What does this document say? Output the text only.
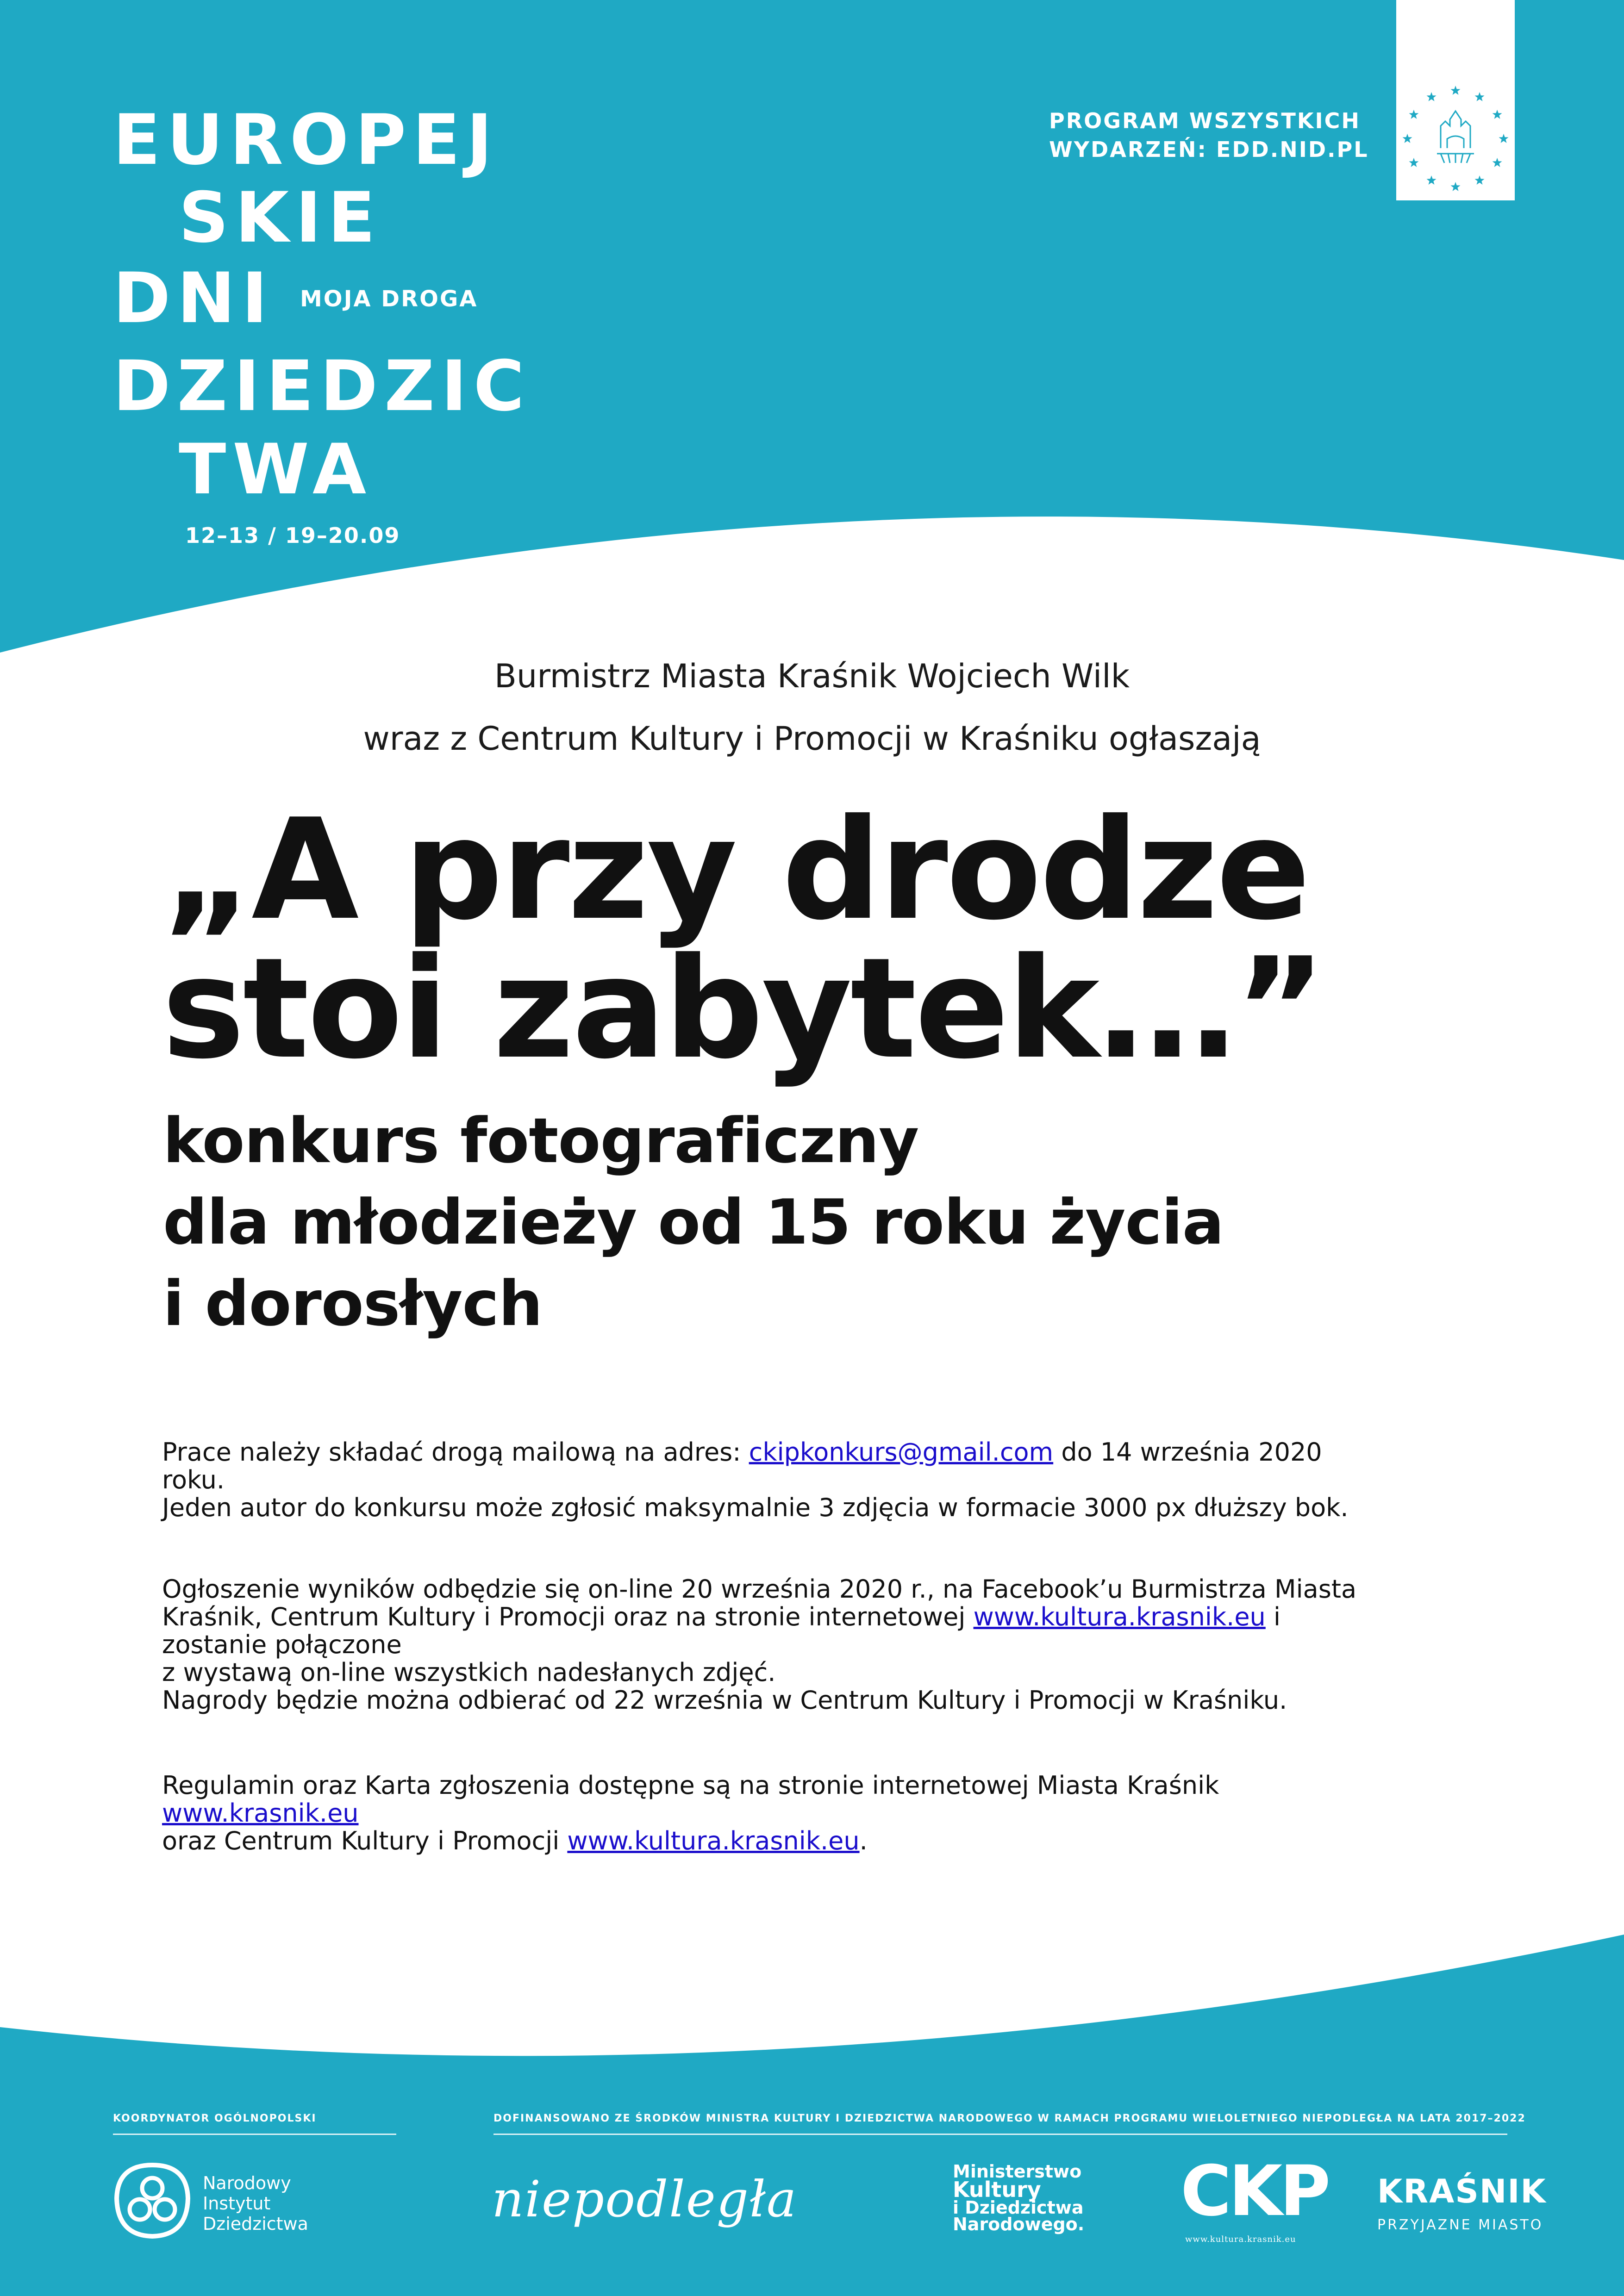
EUROPEJ
SKIE
DNI
DZIEDZIC
TWA
MOJA DROGA
12–13 / 19–20.09
PROGRAM WSZYSTKICH
WYDARZEŃ: EDD.NID.PL
Burmistrz Miasta Kraśnik Wojciech Wilk
wraz z Centrum Kultury i Promocji w Kraśniku ogłaszają
„A przy drodze
stoi zabytek…”
konkurs fotograficzny
dla młodzieży od 15 roku życia
i dorosłych
Prace należy składać drogą mailową na adres: ckipkonkurs@gmail.com do 14 września 2020
roku.
Jeden autor do konkursu może zgłosić maksymalnie 3 zdjęcia w formacie 3000 px dłuższy bok.
Ogłoszenie wyników odbędzie się on-line 20 września 2020 r., na Facebook’u Burmistrza Miasta
Kraśnik, Centrum Kultury i Promocji oraz na stronie internetowej www.kultura.krasnik.eu i
zostanie połączone
z wystawą on-line wszystkich nadesłanych zdjęć.
Nagrody będzie można odbierać od 22 września w Centrum Kultury i Promocji w Kraśniku.
Regulamin oraz Karta zgłoszenia dostępne są na stronie internetowej Miasta Kraśnik
www.krasnik.eu
oraz Centrum Kultury i Promocji www.kultura.krasnik.eu.
KOORDYNATOR OGÓLNOPOLSKI	DOFINANSOWANO ZE ŚRODKÓW MINISTRA KULTURY I DZIEDZICTWA NARODOWEGO W RAMACH PROGRAMU WIELOLETNIEGO NIEPODLEGŁA NA LATA 2017–2022
Narodowy
Instytut
Dziedzictwa	niepodległa	Ministerstwo
Kultury
i Dziedzictwa
Narodowego. CKP
www.kultura.krasnik.eu
KRAŚNIK
PRZYJAZNE MIASTO
